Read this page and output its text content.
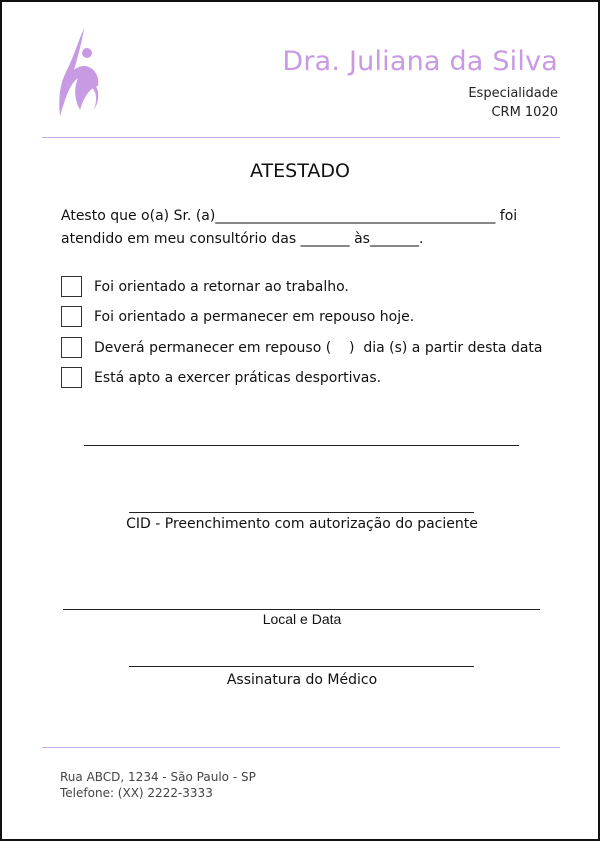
Dra. Juliana da Silva
Especialidade
CRM 1020
ATESTADO
Atesto que o(a) Sr. (a)________________________________________ foi
atendido em meu consultório das _______ às_______.
Foi orientado a retornar ao trabalho.
Foi orientado a permanecer em repouso hoje.
Deverá permanecer em repouso (    )  dia (s) a partir desta data
Está apto a exercer práticas desportivas.
CID - Preenchimento com autorização do paciente
Local e Data
Assinatura do Médico
Rua ABCD, 1234 - São Paulo - SP
Telefone: (XX) 2222-3333
